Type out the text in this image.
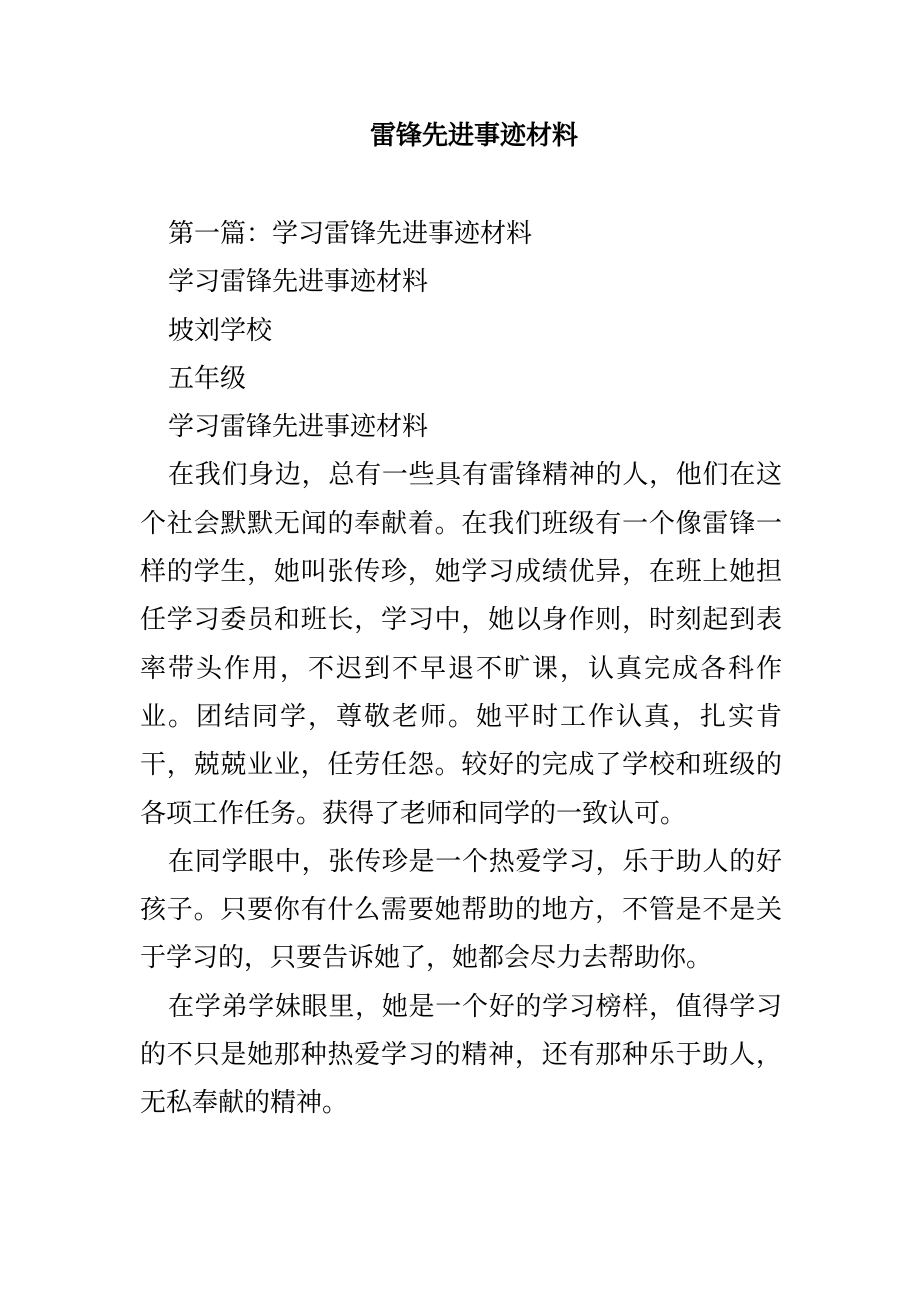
雷锋先进事迹材料

第一篇：学习雷锋先进事迹材料

学习雷锋先进事迹材料

坡刘学校

五年级

学习雷锋先进事迹材料

在我们身边，总有一些具有雷锋精神的人，他们在这个社会默默无闻的奉献着。在我们班级有一个像雷锋一样的学生，她叫张传珍，她学习成绩优异，在班上她担任学习委员和班长，学习中，她以身作则，时刻起到表率带头作用，不迟到不早退不旷课，认真完成各科作业。团结同学，尊敬老师。她平时工作认真，扎实肯干，兢兢业业，任劳任怨。较好的完成了学校和班级的各项工作任务。获得了老师和同学的一致认可。

在同学眼中，张传珍是一个热爱学习，乐于助人的好孩子。只要你有什么需要她帮助的地方，不管是不是关于学习的，只要告诉她了，她都会尽力去帮助你。

在学弟学妹眼里，她是一个好的学习榜样，值得学习的不只是她那种热爱学习的精神，还有那种乐于助人，无私奉献的精神。
